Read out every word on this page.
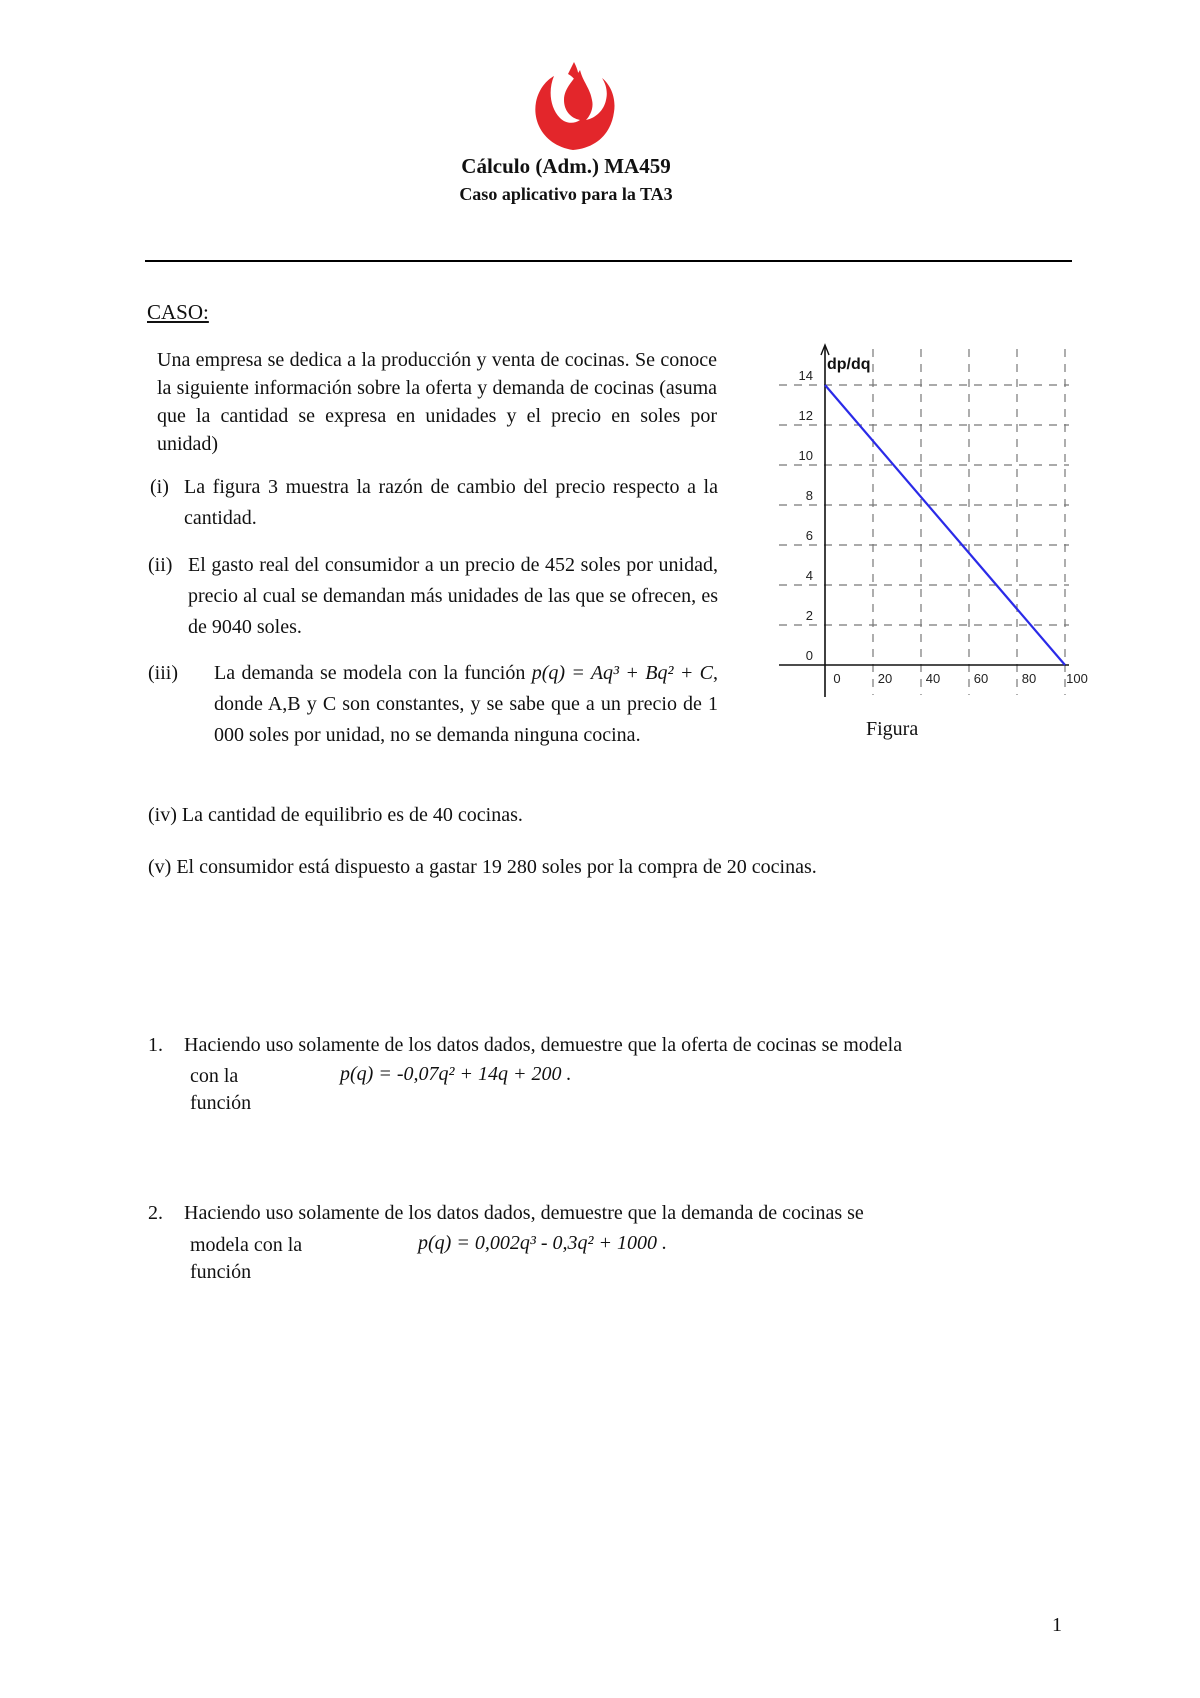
Cálculo (Adm.) MA459
Caso aplicativo para la TA3
CASO:
Una empresa se dedica a la producción y venta de cocinas. Se conoce la siguiente información sobre la oferta y demanda de cocinas (asuma que la cantidad se expresa en unidades y el precio en soles por unidad)
(i) La figura 3 muestra la razón de cambio del precio respecto a la cantidad.
(ii) El gasto real del consumidor a un precio de 452 soles por unidad, precio al cual se demandan más unidades de las que se ofrecen, es de 9040 soles.
(iii)	La demanda se modela con la función p(q) = Aq³ + Bq² + C, donde A,B y C son constantes, y se sabe que a un precio de 1 000 soles por unidad, no se demanda ninguna cocina.
(iv) La cantidad de equilibrio es de 40 cocinas.
(v) El consumidor está dispuesto a gastar 19 280 soles por la compra de 20 cocinas.
0
2
4
6
8
10
12
14
0	20	40	60	80 100
dp/dq
Figura
1. Haciendo uso solamente de los datos dados, demuestre que la oferta de cocinas se modela
con la
función
p(q) = -0,07q² + 14q + 200 .
2. Haciendo uso solamente de los datos dados, demuestre que la demanda de cocinas se
modela con la
función
p(q) = 0,002q³ - 0,3q² + 1000 .
1
